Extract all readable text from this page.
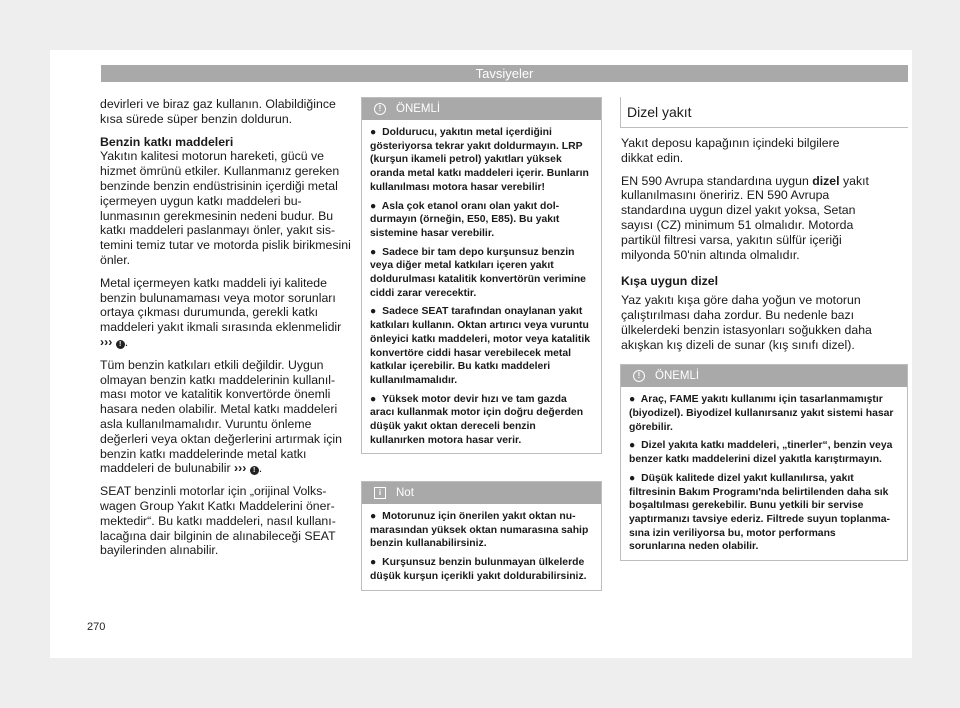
Tavsiyeler

devirleri ve biraz gaz kullanın. Olabildiğince kısa sürede süper benzin doldurun.

Benzin katkı maddeleri

Yakıtın kalitesi motorun hareketi, gücü ve hizmet ömrünü etkiler. Kullanmanız gereken benzinde benzin endüstrisinin içerdiği metal içermeyen uygun katkı maddeleri bulunmasının gerekmesinin nedeni budur. Bu katkı maddeleri paslanmayı önler, yakıt sistemini temiz tutar ve motorda pislik birikmesini önler.

Metal içermeyen katkı maddeli iyi kalitede benzin bulunamaması veya motor sorunları ortaya çıkması durumunda, gerekli katkı maddeleri yakıt ikmali sırasında eklenmelidir ››› ! .

Tüm benzin katkıları etkili değildir. Uygun olmayan benzin katkı maddelerinin kullanılması motor ve katalitik konvertörde önemli hasara neden olabilir. Metal katkı maddeleri asla kullanılmamalıdır. Vuruntu önleme değerleri veya oktan değerlerini artırmak için benzin katkı maddelerinde metal katkı maddeleri de bulunabilir ››› ! .

SEAT benzinli motorlar için „orijinal Volkswagen Group Yakıt Katkı Maddelerini önermektedir“. Bu katkı maddeleri, nasıl kullanılacağına dair bilginin de alınabileceği SEAT bayilerinden alınabilir.

!	ÖNEMLİ
● Doldurucu, yakıtın metal içerdiğini gösteriyorsa tekrar yakıt doldurmayın. LRP (kurşun ikameli petrol) yakıtları yüksek oranda metal katkı maddeleri içerir. Bunların kullanılması motora hasar verebilir!
● Asla çok etanol oranı olan yakıt doldurmayın (örneğin, E50, E85). Bu yakıt sistemine hasar verebilir.
● Sadece bir tam depo kurşunsuz benzin veya diğer metal katkıları içeren yakıt doldurulması katalitik konvertörün verimine ciddi zarar verecektir.
● Sadece SEAT tarafından onaylanan yakıt katkıları kullanın. Oktan artırıcı veya vuruntu önleyici katkı maddeleri, motor veya katalitik konvertöre ciddi hasar verebilecek metal katkılar içerebilir. Bu katkı maddeleri kullanılmamalıdır.
● Yüksek motor devir hızı ve tam gazda aracı kullanmak motor için doğru değerden düşük yakıt oktan dereceli benzin kullanırken motora hasar verir.
i	Not
● Motorunuz için önerilen yakıt oktan numarasından yüksek oktan numarasına sahip benzin kullanabilirsiniz.
● Kurşunsuz benzin bulunmayan ülkelerde düşük kurşun içerikli yakıt doldurabilirsiniz.
Dizel yakıt

Yakıt deposu kapağının içindeki bilgilere dikkat edin.

EN 590 Avrupa standardına uygun dizel yakıt kullanılmasını öneririz. EN 590 Avrupa standardına uygun dizel yakıt yoksa, Setan sayısı (CZ) minimum 51 olmalıdır. Motorda partikül filtresi varsa, yakıtın sülfür içeriği milyonda 50'nin altında olmalıdır.

Kışa uygun dizel

Yaz yakıtı kışa göre daha yoğun ve motorun çalıştırılması daha zordur. Bu nedenle bazı ülkelerdeki benzin istasyonları soğukken daha akışkan kış dizeli de sunar (kış sınıfı dizel).

!	ÖNEMLİ
● Araç, FAME yakıtı kullanımı için tasarlanmamıştır (biyodizel). Biyodizel kullanırsanız yakıt sistemi hasar görebilir.
● Dizel yakıta katkı maddeleri, „tinerler“, benzin veya benzer katkı maddelerini dizel yakıtla karıştırmayın.
● Düşük kalitede dizel yakıt kullanılırsa, yakıt filtresinin Bakım Programı'nda belirtilenden daha sık boşaltılması gerekebilir. Bunu yetkili bir servise yaptırmanızı tavsiye ederiz. Filtrede suyun toplanmasına izin veriliyorsa bu, motor performans sorunlarına neden olabilir.
270
